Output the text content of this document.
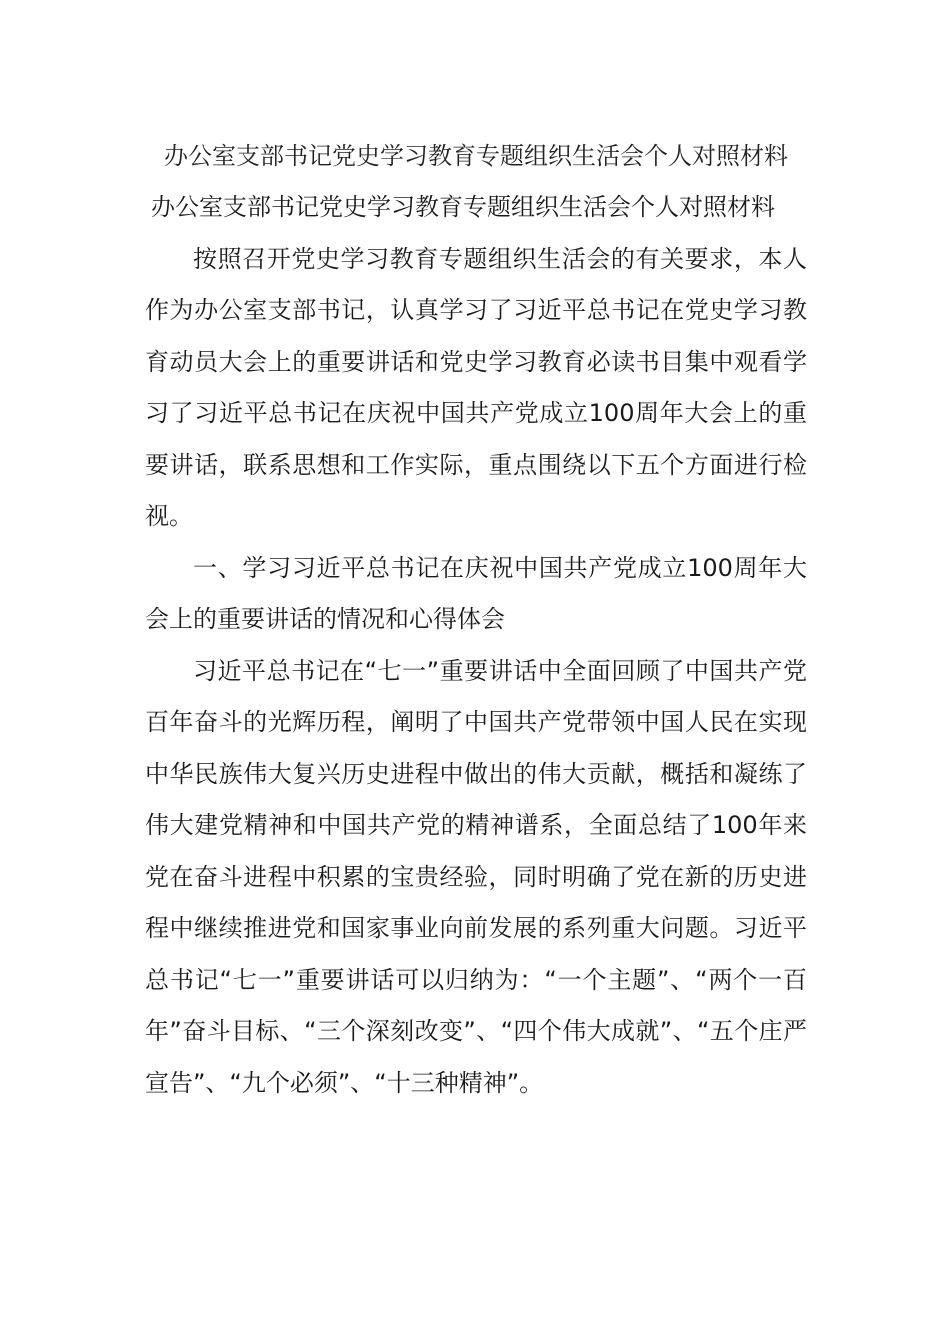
办公室支部书记党史学习教育专题组织生活会个人对照材料

办公室支部书记党史学习教育专题组织生活会个人对照材料

按照召开党史学习教育专题组织生活会的有关要求，本人作为办公室支部书记，认真学习了习近平总书记在党史学习教育动员大会上的重要讲话和党史学习教育必读书目集中观看学习了习近平总书记在庆祝中国共产党成立100周年大会上的重要讲话，联系思想和工作实际，重点围绕以下五个方面进行检视。

一、学习习近平总书记在庆祝中国共产党成立100周年大会上的重要讲话的情况和心得体会

习近平总书记在“七一”重要讲话中全面回顾了中国共产党百年奋斗的光辉历程，阐明了中国共产党带领中国人民在实现中华民族伟大复兴历史进程中做出的伟大贡献，概括和凝练了伟大建党精神和中国共产党的精神谱系，全面总结了100年来党在奋斗进程中积累的宝贵经验，同时明确了党在新的历史进程中继续推进党和国家事业向前发展的系列重大问题。习近平总书记“七一”重要讲话可以归纳为：“一个主题”、“两个一百年”奋斗目标、“三个深刻改变”、“四个伟大成就”、“五个庄严宣告”、“九个必须”、“十三种精神”。
